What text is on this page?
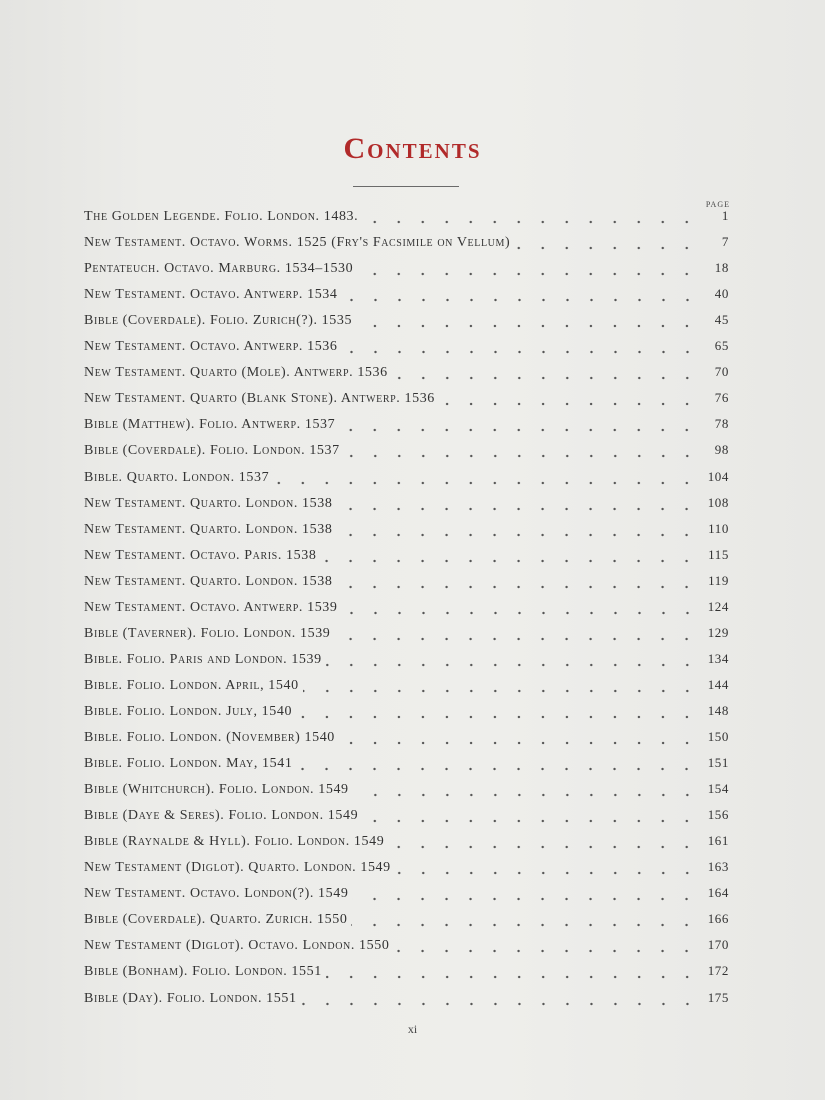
Contents
PAGE
The Golden Legende. Folio. London. 1483.	1
New Testament. Octavo. Worms. 1525 (Fry's Facsimile on Vellum)	7
Pentateuch. Octavo. Marburg. 1534–1530	18
New Testament. Octavo. Antwerp. 1534	40
Bible (Coverdale). Folio. Zurich(?). 1535	45
New Testament. Octavo. Antwerp. 1536	65
New Testament. Quarto (Mole). Antwerp. 1536	70
New Testament. Quarto (Blank Stone). Antwerp. 1536	76
Bible (Matthew). Folio. Antwerp. 1537	78
Bible (Coverdale). Folio. London. 1537	98
Bible. Quarto. London. 1537	104
New Testament. Quarto. London. 1538	108
New Testament. Quarto. London. 1538	110
New Testament. Octavo. Paris. 1538	115
New Testament. Quarto. London. 1538	119
New Testament. Octavo. Antwerp. 1539	124
Bible (Taverner). Folio. London. 1539	129
Bible. Folio. Paris and London. 1539	134
Bible. Folio. London. April, 1540	144
Bible. Folio. London. July, 1540	148
Bible. Folio. London. (November) 1540	150
Bible. Folio. London. May, 1541	151
Bible (Whitchurch). Folio. London. 1549	154
Bible (Daye & Seres). Folio. London. 1549	156
Bible (Raynalde & Hyll). Folio. London. 1549	161
New Testament (Diglot). Quarto. London. 1549	163
New Testament. Octavo. London(?). 1549	164
Bible (Coverdale). Quarto. Zurich. 1550	166
New Testament (Diglot). Octavo. London. 1550	170
Bible (Bonham). Folio. London. 1551	172
Bible (Day). Folio. London. 1551	175
xi
